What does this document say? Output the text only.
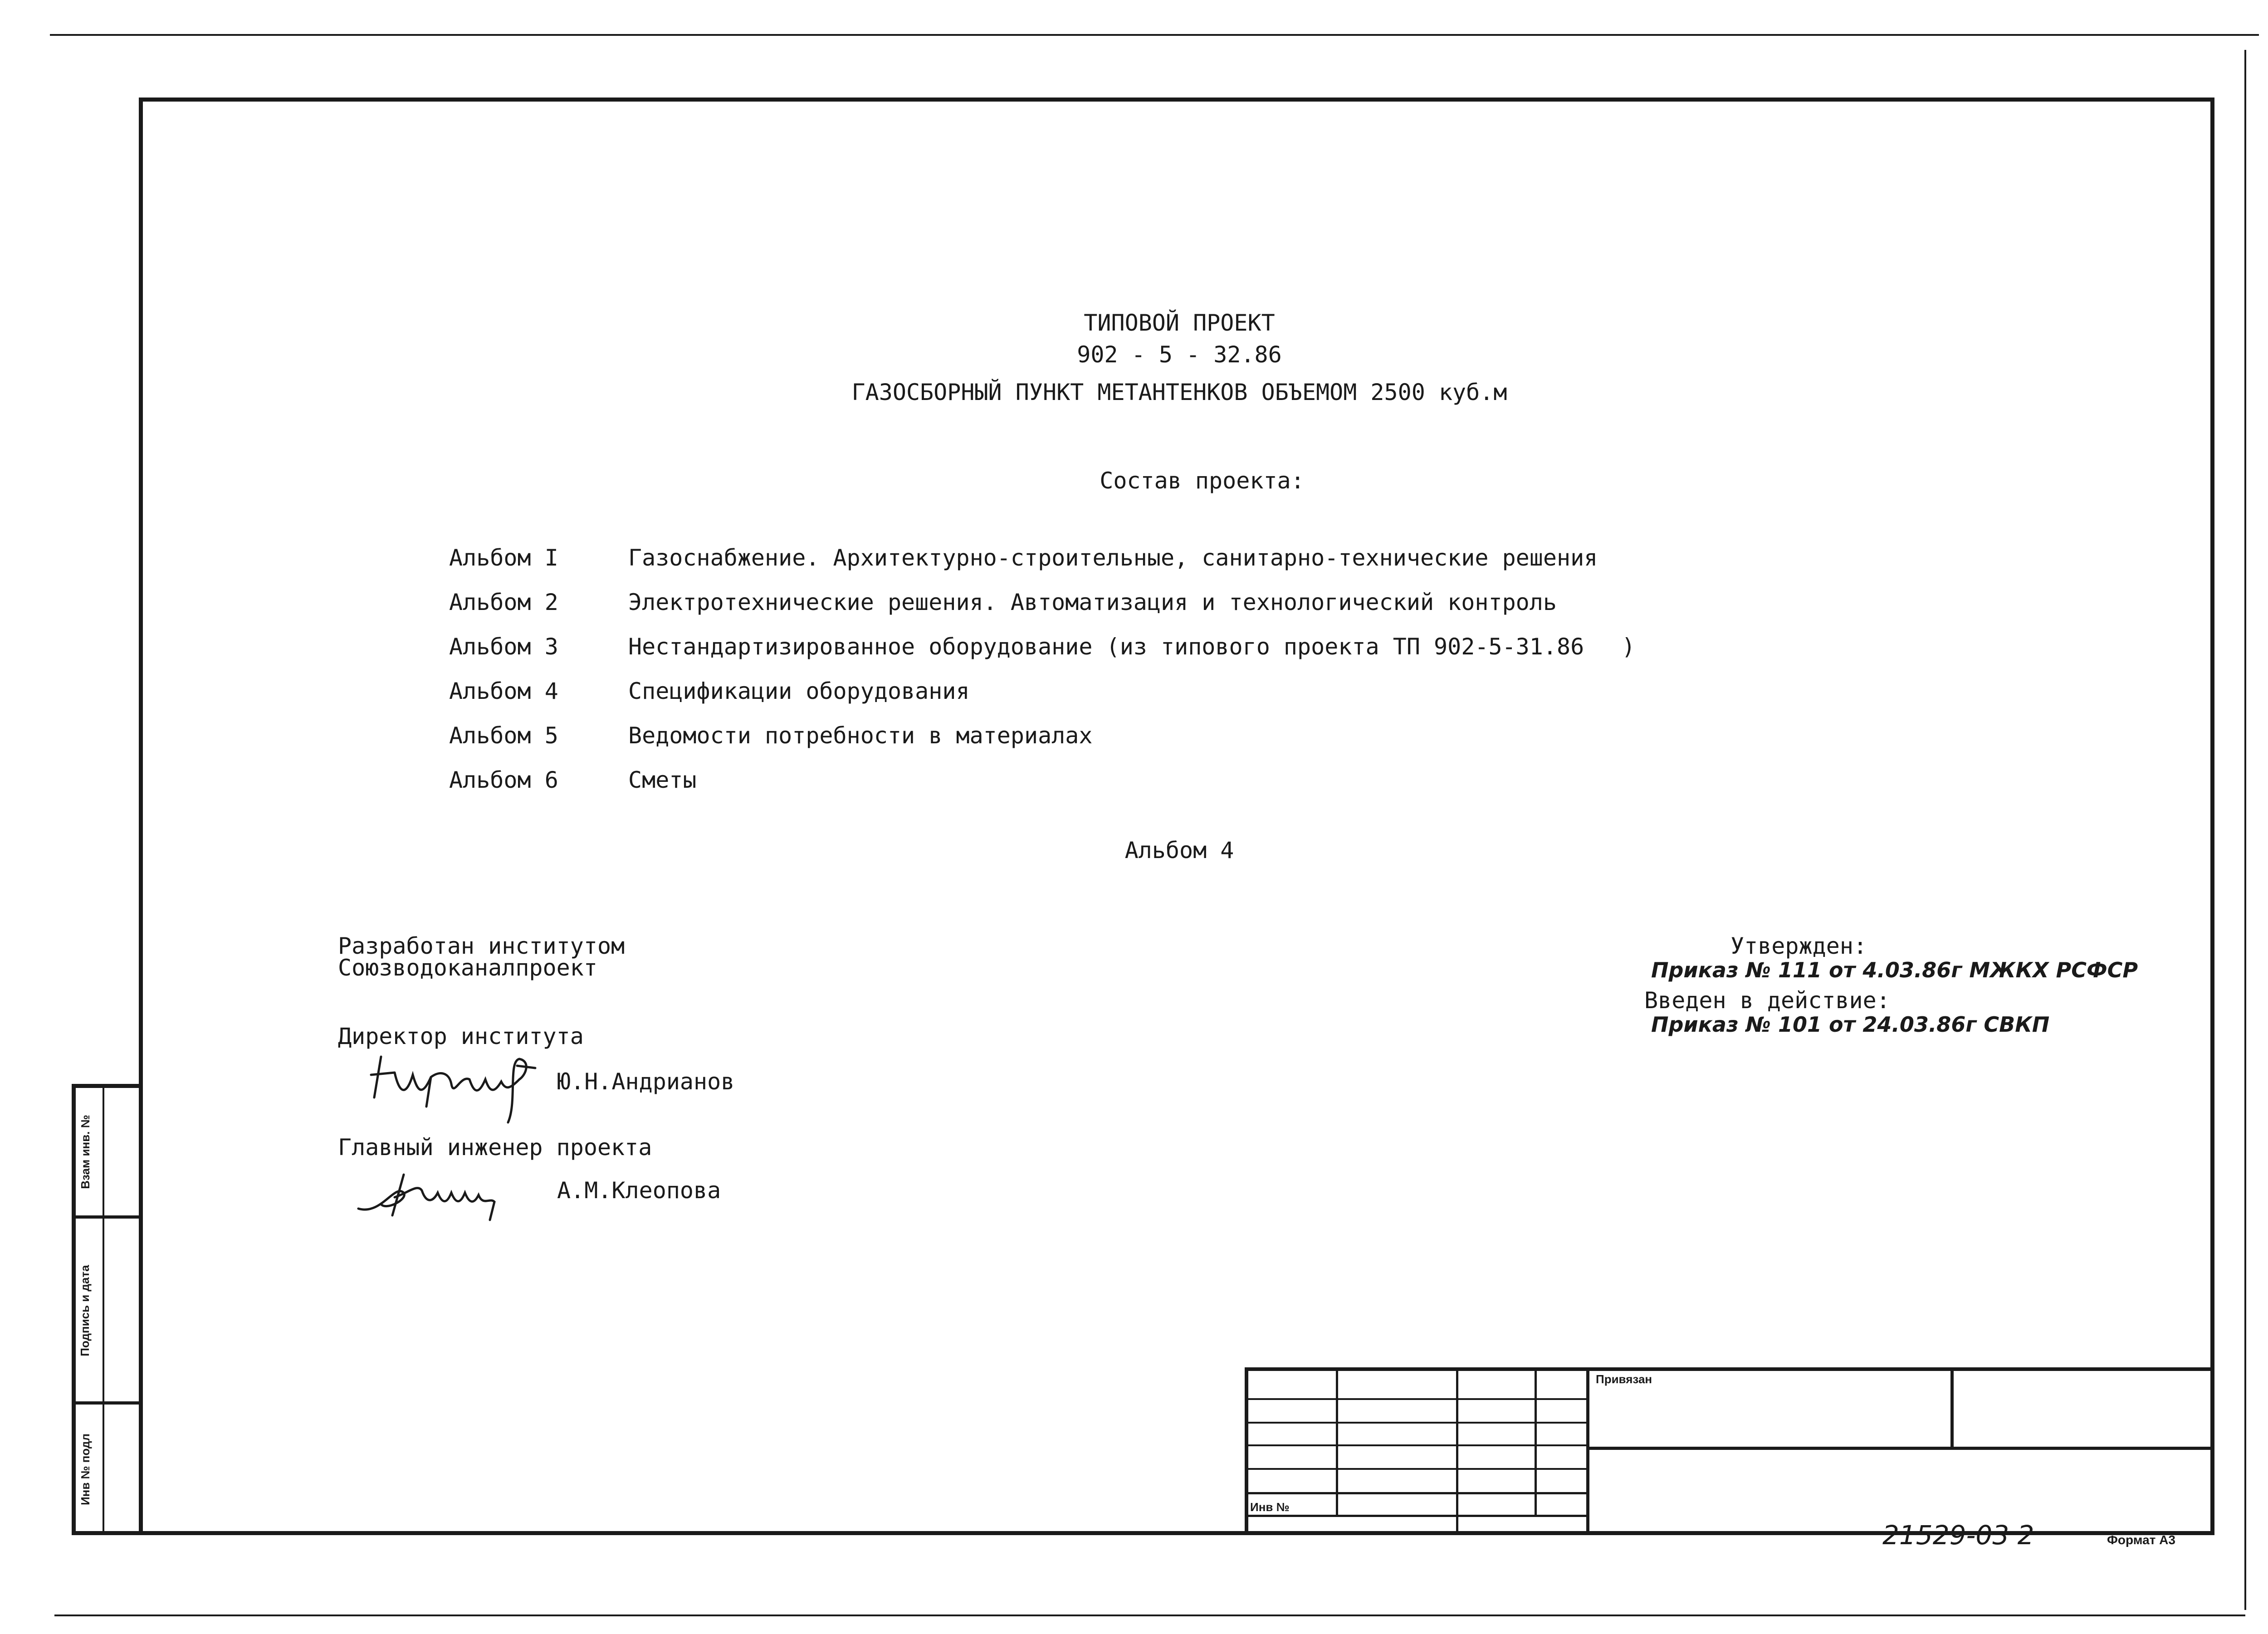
ТИПОВОЙ ПРОЕКТ
902 - 5 - 32.86
ГАЗОСБОРНЫЙ ПУНКТ МЕТАНТЕНКОВ ОБЪЕМОМ 2500 куб.м
Состав проекта:
Альбом I	Газоснабжение. Архитектурно-строительные, санитарно-технические решения
Альбом 2	Электротехнические решения. Автоматизация и технологический контроль
Альбом 3	Нестандартизированное оборудование (из типового проекта ТП 902-5-31.86 )
Альбом 4	Спецификации оборудования
Альбом 5	Ведомости потребности в материалах
Альбом 6	Сметы
Альбом 4
Разработан институтом
Союзводоканалпроект
Директор института
Ю.Н.Андрианов
Главный инженер проекта
А.М.Клеопова
Утвержден:
Приказ № 111 от 4.03.86г МЖКХ РСФСР
Введен в действие:
Приказ № 101 от 24.03.86г СВКП
Взам инв. №
Подпись и дата
Инв № подл
Привязан
Инв №
21529-03 2	Формат А3
